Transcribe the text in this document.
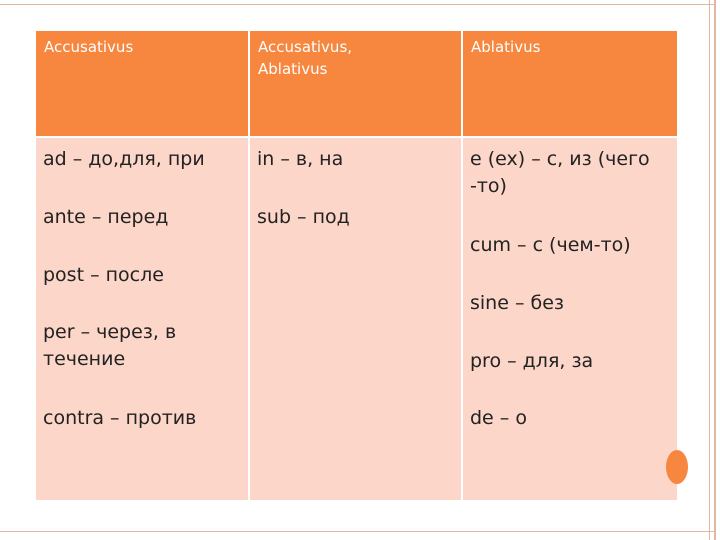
Accusativus	Accusativus,
Ablativus
Ablativus
ad – до,для, при
ante – перед
post – после
per – через, в
течение
contra – против
in – в, на
sub – под
e (ex) – с, из (чего
-то)
cum – с (чем-то)
sine – без
pro – для, за
de – о
